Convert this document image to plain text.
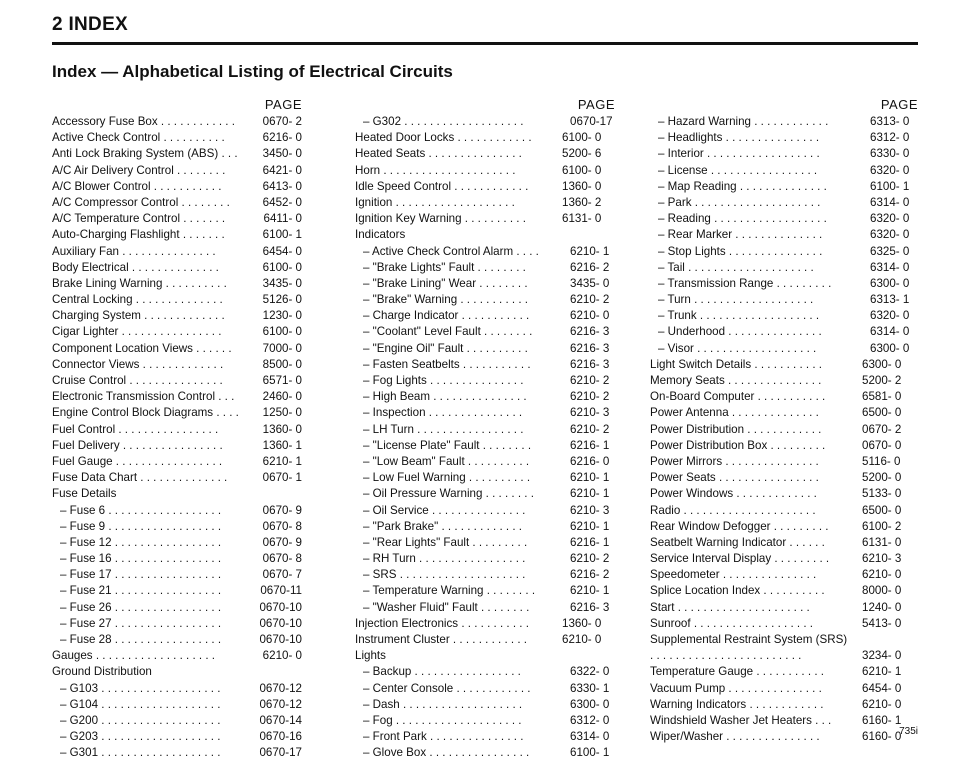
2 INDEX
Index — Alphabetical Listing of Electrical Circuits
PAGE
Accessory Fuse Box . . . . . . . . . . . .	0670- 2
Active Check Control . . . . . . . . . .	6216- 0
Anti Lock Braking System (ABS) . . .	3450- 0
A/C Air Delivery Control . . . . . . . .	6421- 0
A/C Blower Control . . . . . . . . . . .	6413- 0
A/C Compressor Control . . . . . . . .	6452- 0
A/C Temperature Control . . . . . . .	6411- 0
Auto-Charging Flashlight . . . . . . .	6100- 1
Auxiliary Fan . . . . . . . . . . . . . . .	6454- 0
Body Electrical . . . . . . . . . . . . . .	6100- 0
Brake Lining Warning . . . . . . . . . .	3435- 0
Central Locking . . . . . . . . . . . . . .	5126- 0
Charging System . . . . . . . . . . . . .	1230- 0
Cigar Lighter . . . . . . . . . . . . . . . .	6100- 0
Component Location Views . . . . . .	7000- 0
Connector Views . . . . . . . . . . . . .	8500- 0
Cruise Control . . . . . . . . . . . . . . .	6571- 0
Electronic Transmission Control . . .	2460- 0
Engine Control Block Diagrams . . . .	1250- 0
Fuel Control . . . . . . . . . . . . . . . .	1360- 0
Fuel Delivery . . . . . . . . . . . . . . . .	1360- 1
Fuel Gauge . . . . . . . . . . . . . . . . .	6210- 1
Fuse Data Chart . . . . . . . . . . . . . .	0670- 1
Fuse Details
– Fuse 6 . . . . . . . . . . . . . . . . . .	0670- 9
– Fuse 9 . . . . . . . . . . . . . . . . . .	0670- 8
– Fuse 12 . . . . . . . . . . . . . . . . .	0670- 9
– Fuse 16 . . . . . . . . . . . . . . . . .	0670- 8
– Fuse 17 . . . . . . . . . . . . . . . . .	0670- 7
– Fuse 21 . . . . . . . . . . . . . . . . .	0670-11
– Fuse 26 . . . . . . . . . . . . . . . . .	0670-10
– Fuse 27 . . . . . . . . . . . . . . . . .	0670-10
– Fuse 28 . . . . . . . . . . . . . . . . .	0670-10
Gauges . . . . . . . . . . . . . . . . . . .	6210- 0
Ground Distribution
– G103 . . . . . . . . . . . . . . . . . . .	0670-12
– G104 . . . . . . . . . . . . . . . . . . .	0670-12
– G200 . . . . . . . . . . . . . . . . . . .	0670-14
– G203 . . . . . . . . . . . . . . . . . . .	0670-16
– G301 . . . . . . . . . . . . . . . . . . .	0670-17
PAGE
– G302 . . . . . . . . . . . . . . . . . . .	0670-17
Heated Door Locks . . . . . . . . . . . .	6100- 0
Heated Seats . . . . . . . . . . . . . . .	5200- 6
Horn . . . . . . . . . . . . . . . . . . . . .	6100- 0
Idle Speed Control . . . . . . . . . . . .	1360- 0
Ignition . . . . . . . . . . . . . . . . . . .	1360- 2
Ignition Key Warning . . . . . . . . . .	6131- 0
Indicators
– Active Check Control Alarm . . . .	6210- 1
– "Brake Lights" Fault . . . . . . . .	6216- 2
– "Brake Lining" Wear . . . . . . . .	3435- 0
– "Brake" Warning . . . . . . . . . . .	6210- 2
– Charge Indicator . . . . . . . . . . .	6210- 0
– "Coolant" Level Fault . . . . . . . .	6216- 3
– "Engine Oil" Fault . . . . . . . . . .	6216- 3
– Fasten Seatbelts . . . . . . . . . . .	6216- 3
– Fog Lights . . . . . . . . . . . . . . .	6210- 2
– High Beam . . . . . . . . . . . . . . .	6210- 2
– Inspection . . . . . . . . . . . . . . .	6210- 3
– LH Turn . . . . . . . . . . . . . . . . .	6210- 2
– "License Plate" Fault . . . . . . . .	6216- 1
– "Low Beam" Fault . . . . . . . . . .	6216- 0
– Low Fuel Warning . . . . . . . . . .	6210- 1
– Oil Pressure Warning . . . . . . . .	6210- 1
– Oil Service . . . . . . . . . . . . . . .	6210- 3
– "Park Brake" . . . . . . . . . . . . .	6210- 1
– "Rear Lights" Fault . . . . . . . . .	6216- 1
– RH Turn . . . . . . . . . . . . . . . . .	6210- 2
– SRS . . . . . . . . . . . . . . . . . . . .	6216- 2
– Temperature Warning . . . . . . . .	6210- 1
– "Washer Fluid" Fault . . . . . . . .	6216- 3
Injection Electronics . . . . . . . . . . .	1360- 0
Instrument Cluster . . . . . . . . . . . .	6210- 0
Lights
– Backup . . . . . . . . . . . . . . . . .	6322- 0
– Center Console . . . . . . . . . . . .	6330- 1
– Dash . . . . . . . . . . . . . . . . . . .	6300- 0
– Fog . . . . . . . . . . . . . . . . . . . .	6312- 0
– Front Park . . . . . . . . . . . . . . .	6314- 0
– Glove Box . . . . . . . . . . . . . . . .	6100- 1
PAGE
– Hazard Warning . . . . . . . . . . . .	6313- 0
– Headlights . . . . . . . . . . . . . . .	6312- 0
– Interior . . . . . . . . . . . . . . . . . .	6330- 0
– License . . . . . . . . . . . . . . . . .	6320- 0
– Map Reading . . . . . . . . . . . . . .	6100- 1
– Park . . . . . . . . . . . . . . . . . . . .	6314- 0
– Reading . . . . . . . . . . . . . . . . . .	6320- 0
– Rear Marker . . . . . . . . . . . . . .	6320- 0
– Stop Lights . . . . . . . . . . . . . . .	6325- 0
– Tail . . . . . . . . . . . . . . . . . . . .	6314- 0
– Transmission Range . . . . . . . . .	6300- 0
– Turn . . . . . . . . . . . . . . . . . . .	6313- 1
– Trunk . . . . . . . . . . . . . . . . . . .	6320- 0
– Underhood . . . . . . . . . . . . . . .	6314- 0
– Visor . . . . . . . . . . . . . . . . . . .	6300- 0
Light Switch Details . . . . . . . . . . .	6300- 0
Memory Seats . . . . . . . . . . . . . . .	5200- 2
On-Board Computer . . . . . . . . . . .	6581- 0
Power Antenna . . . . . . . . . . . . . .	6500- 0
Power Distribution . . . . . . . . . . . .	0670- 2
Power Distribution Box . . . . . . . . .	0670- 0
Power Mirrors . . . . . . . . . . . . . . .	5116- 0
Power Seats . . . . . . . . . . . . . . . .	5200- 0
Power Windows . . . . . . . . . . . . .	5133- 0
Radio . . . . . . . . . . . . . . . . . . . . .	6500- 0
Rear Window Defogger . . . . . . . . .	6100- 2
Seatbelt Warning Indicator . . . . . .	6131- 0
Service Interval Display . . . . . . . . .	6210- 3
Speedometer . . . . . . . . . . . . . . .	6210- 0
Splice Location Index . . . . . . . . . .	8000- 0
Start . . . . . . . . . . . . . . . . . . . . .	1240- 0
Sunroof . . . . . . . . . . . . . . . . . . .	5413- 0
Supplemental Restraint System (SRS)
. . . . . . . . . . . . . . . . . . . . . . . .	3234- 0
Temperature Gauge . . . . . . . . . . .	6210- 1
Vacuum Pump . . . . . . . . . . . . . . .	6454- 0
Warning Indicators . . . . . . . . . . . .	6210- 0
Windshield Washer Jet Heaters . . .	6160- 1
Wiper/Washer . . . . . . . . . . . . . . .	6160- 0
735i
